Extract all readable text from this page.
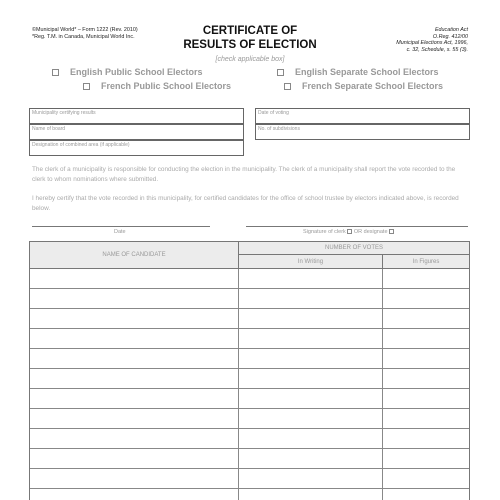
©Municipal World* – Form 1222 (Rev. 2010)
*Reg. T.M. in Canada, Municipal World Inc.	CERTIFICATE OF
RESULTS OF ELECTION
Education Act
O.Reg. 412/00
Municipal Elections Act, 1996,
c. 32, Schedule, s. 55 (3).
[check applicable box]
English Public School Electors	English Separate School Electors
French Public School Electors	French Separate School Electors
Municipality certifying results
Name of board
Designation of combined area (if applicable)
Date of voting
No. of subdivisions
The clerk of a municipality is responsible for conducting the election in the municipality. The clerk of a municipality shall report the vote recorded to the clerk to whom nominations where submitted.
I hereby certify that the vote recorded in this municipality, for certified candidates for the office of school trustee by electors indicated above, is recorded below.
Date	Signature of clerk OR designate
NAME OF CANDIDATE
NUMBER OF VOTES
In Writing	In Figures
